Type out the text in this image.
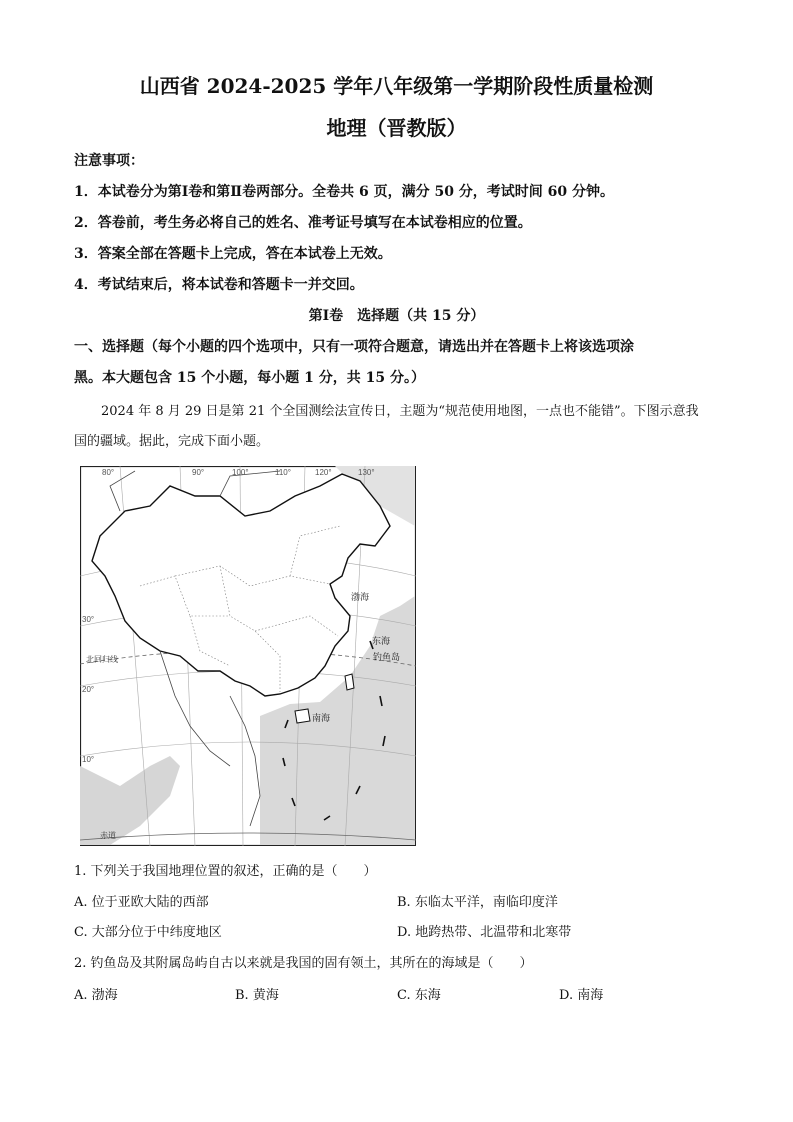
山西省 2024-2025 学年八年级第一学期阶段性质量检测
地理（晋教版）
注意事项：
1．本试卷分为第Ⅰ卷和第Ⅱ卷两部分。全卷共 6 页，满分 50 分，考试时间 60 分钟。
2．答卷前，考生务必将自己的姓名、准考证号填写在本试卷相应的位置。
3．答案全部在答题卡上完成，答在本试卷上无效。
4．考试结束后，将本试卷和答题卡一并交回。
第Ⅰ卷　选择题（共 15 分）
一、选择题（每个小题的四个选项中，只有一项符合题意，请选出并在答题卡上将该选项涂
黑。本大题包含 15 个小题，每小题 1 分，共 15 分。）
2024 年 8 月 29 日是第 21 个全国测绘法宣传日，主题为“规范使用地图，一点也不能错”。下图示意我
国的疆域。据此，完成下面小题。
80°	90°	100°	110°	120°	130°
30°
20°
10°
渤海
东海
钓鱼岛
南海
北回归线
赤道
1. 下列关于我国地理位置的叙述，正确的是（　　）
A. 位于亚欧大陆的西部	B. 东临太平洋，南临印度洋
C. 大部分位于中纬度地区	D. 地跨热带、北温带和北寒带
2. 钓鱼岛及其附属岛屿自古以来就是我国的固有领土，其所在的海域是（　　）
A. 渤海	B. 黄海	C. 东海	D. 南海
